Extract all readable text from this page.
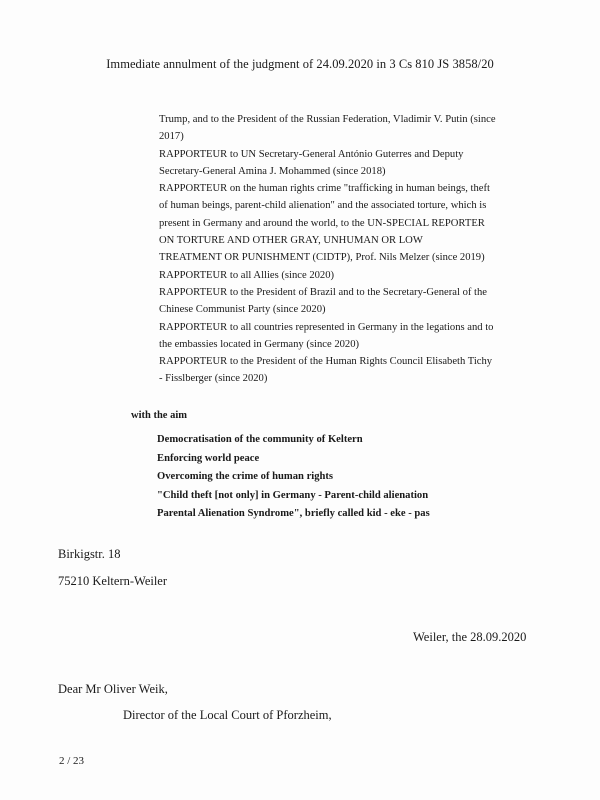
Immediate annulment of the judgment of 24.09.2020 in 3 Cs 810 JS 3858/20
Trump, and to the President of the Russian Federation, Vladimir V. Putin (since
2017)
RAPPORTEUR to UN Secretary-General António Guterres and Deputy
Secretary-General Amina J. Mohammed (since 2018)
RAPPORTEUR on the human rights crime "trafficking in human beings, theft
of human beings, parent-child alienation" and the associated torture, which is
present in Germany and around the world, to the UN-SPECIAL REPORTER
ON TORTURE AND OTHER GRAY, UNHUMAN OR LOW
TREATMENT OR PUNISHMENT (CIDTP), Prof. Nils Melzer (since 2019)
RAPPORTEUR to all Allies (since 2020)
RAPPORTEUR to the President of Brazil and to the Secretary-General of the
Chinese Communist Party (since 2020)
RAPPORTEUR to all countries represented in Germany in the legations and to
the embassies located in Germany (since 2020)
RAPPORTEUR to the President of the Human Rights Council Elisabeth Tichy
- Fisslberger (since 2020)
with the aim
Democratisation of the community of Keltern
Enforcing world peace
Overcoming the crime of human rights
"Child theft [not only] in Germany - Parent-child alienation
Parental Alienation Syndrome", briefly called kid - eke - pas
Birkigstr. 18
75210 Keltern-Weiler
Weiler, the 28.09.2020
Dear Mr Oliver Weik,
Director of the Local Court of Pforzheim,
2 / 23
